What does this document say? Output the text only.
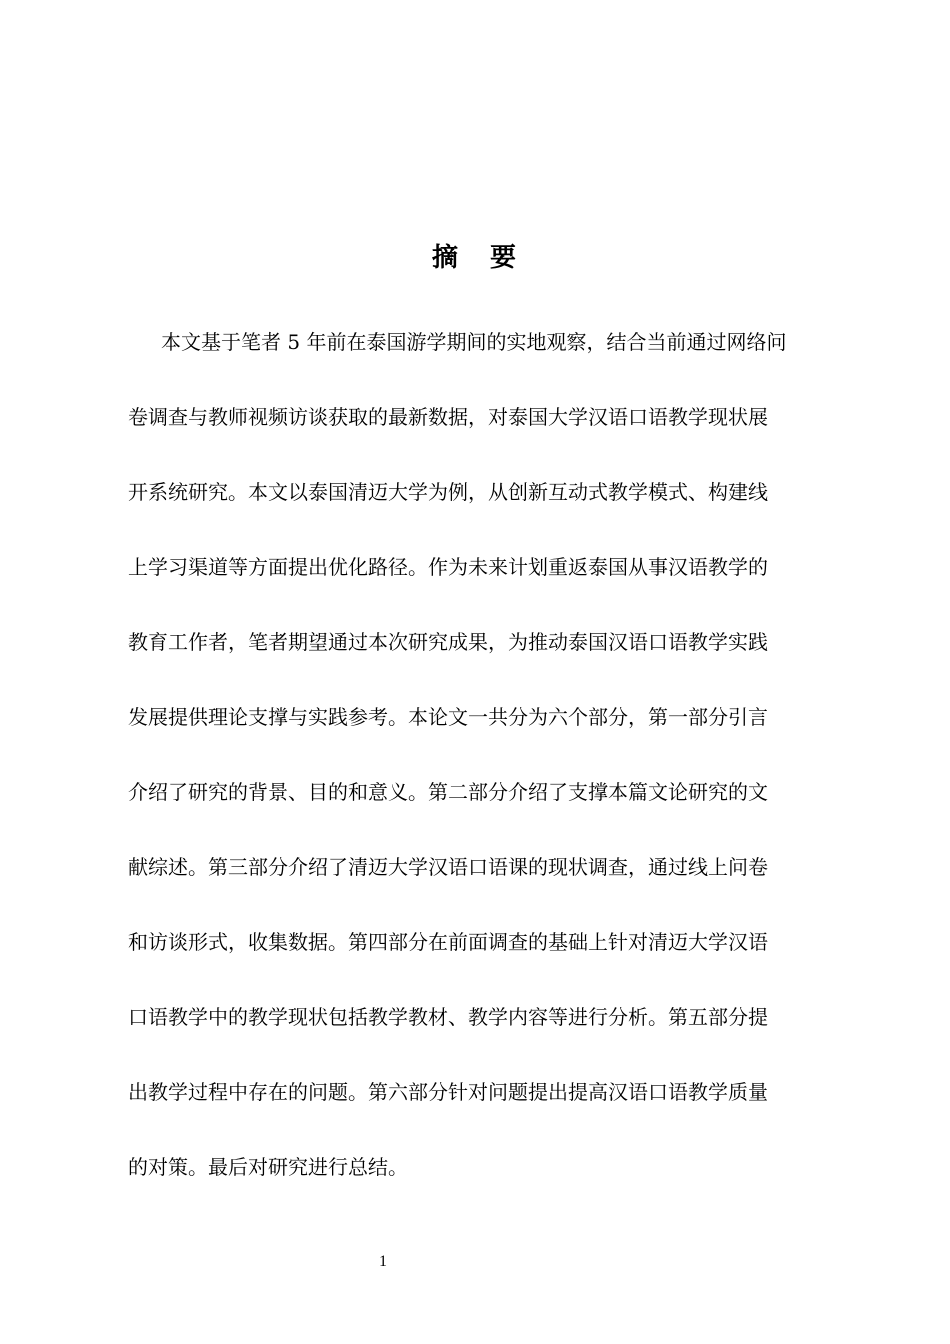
摘 要
本文基于笔者 5 年前在泰国游学期间的实地观察，结合当前通过网络问
卷调查与教师视频访谈获取的最新数据，对泰国大学汉语口语教学现状展
开系统研究。本文以泰国清迈大学为例，从创新互动式教学模式、构建线
上学习渠道等方面提出优化路径。作为未来计划重返泰国从事汉语教学的
教育工作者，笔者期望通过本次研究成果，为推动泰国汉语口语教学实践
发展提供理论支撑与实践参考。本论文一共分为六个部分，第一部分引言
介绍了研究的背景、目的和意义。第二部分介绍了支撑本篇文论研究的文
献综述。第三部分介绍了清迈大学汉语口语课的现状调查，通过线上问卷
和访谈形式，收集数据。第四部分在前面调查的基础上针对清迈大学汉语
口语教学中的教学现状包括教学教材、教学内容等进行分析。第五部分提
出教学过程中存在的问题。第六部分针对问题提出提高汉语口语教学质量
的对策。最后对研究进行总结。
1
